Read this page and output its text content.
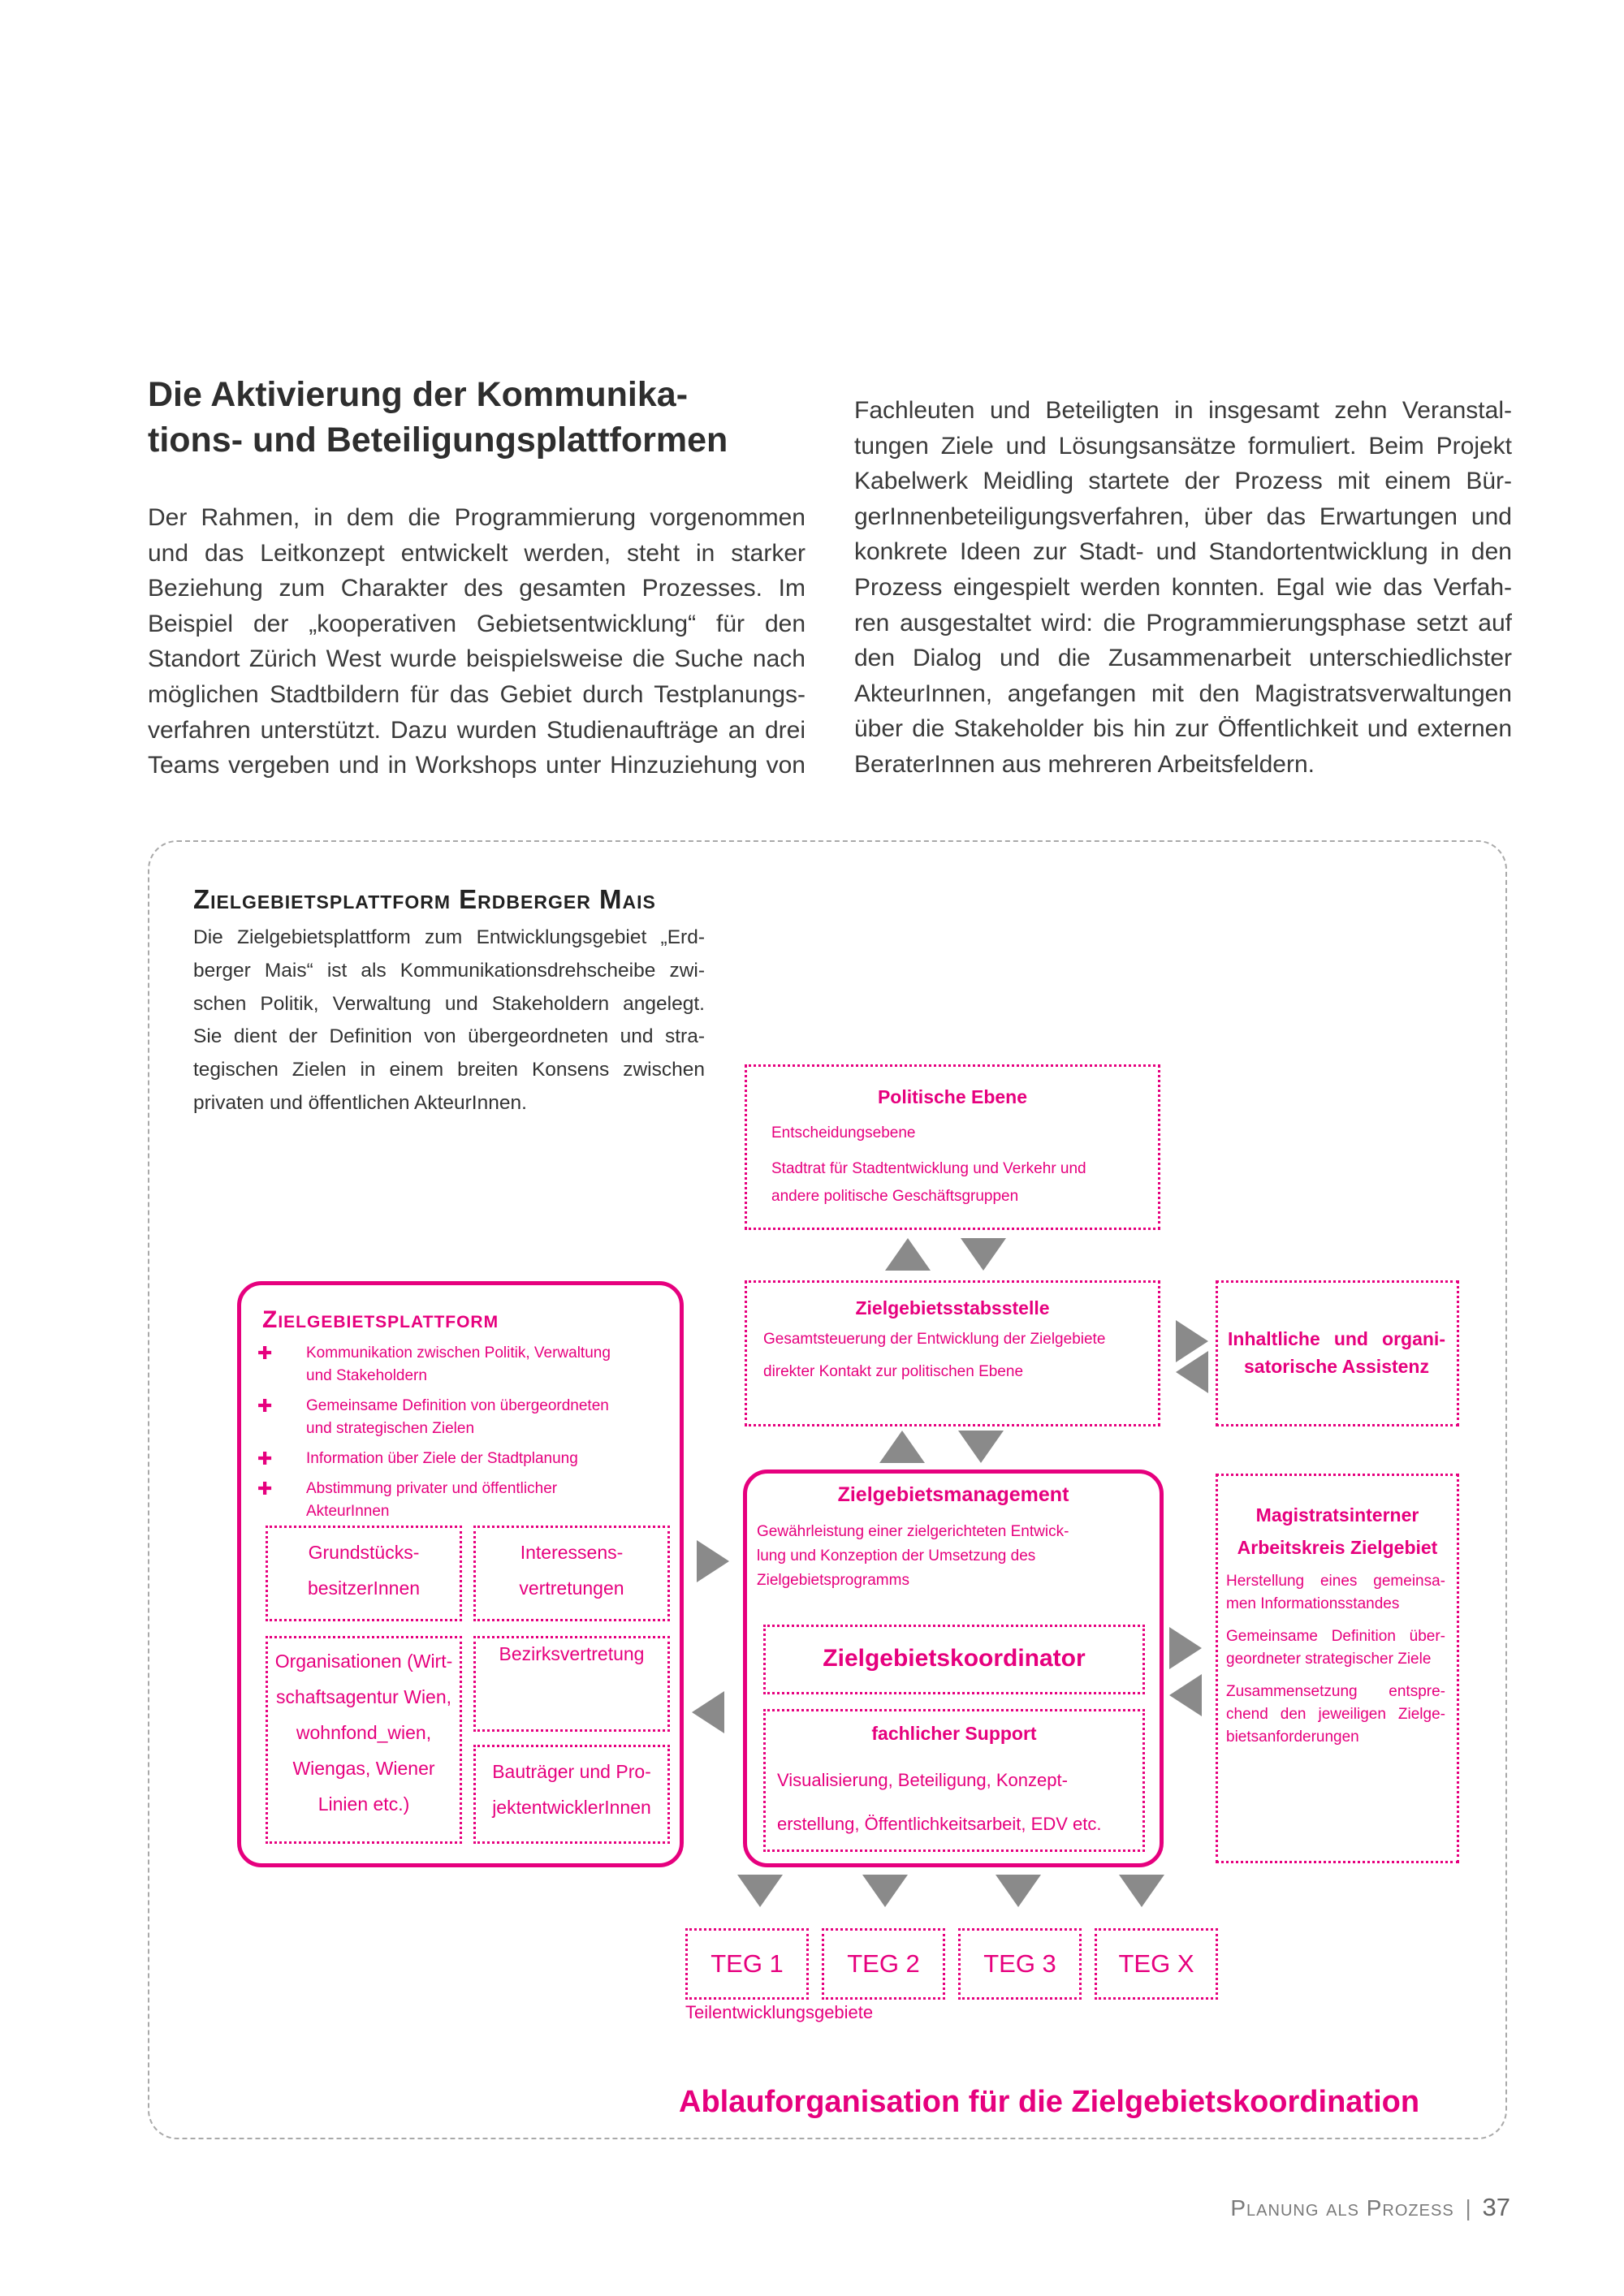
Die Aktivierung der Kommunika-
tions- und Beteiligungsplattformen
Der Rahmen, in dem die Programmierung vorgenommen
und das Leitkonzept entwickelt werden, steht in starker
Beziehung zum Charakter des gesamten Prozesses. Im
Beispiel der „kooperativen Gebietsentwicklung“ für den
Standort Zürich West wurde beispielsweise die Suche nach
möglichen Stadtbildern für das Gebiet durch Testplanungs-
verfahren unterstützt. Dazu wurden Studienaufträge an drei
Teams vergeben und in Workshops unter Hinzuziehung von
Fachleuten und Beteiligten in insgesamt zehn Veranstal-
tungen Ziele und Lösungsansätze formuliert. Beim Projekt
Kabelwerk Meidling startete der Prozess mit einem Bür-
gerInnenbeteiligungsverfahren, über das Erwartungen und
konkrete Ideen zur Stadt- und Standortentwicklung in den
Prozess eingespielt werden konnten. Egal wie das Verfah-
ren ausgestaltet wird: die Programmierungsphase setzt auf
den Dialog und die Zusammenarbeit unterschiedlichster
AkteurInnen, angefangen mit den Magistratsverwaltungen
über die Stakeholder bis hin zur Öffentlichkeit und externen
BeraterInnen aus mehreren Arbeitsfeldern.
Zielgebietsplattform Erdberger Mais
Die Zielgebietsplattform zum Entwicklungsgebiet „Erd-
berger Mais“ ist als Kommunikationsdrehscheibe zwi-
schen Politik, Verwaltung und Stakeholdern angelegt.
Sie dient der Definition von übergeordneten und stra-
tegischen Zielen in einem breiten Konsens zwischen
privaten und öffentlichen AkteurInnen.	Politische Ebene
Entscheidungsebene
Stadtrat für Stadtentwicklung und Verkehr und
andere politische Geschäftsgruppen
Zielgebietsstabsstelle
Gesamtsteuerung der Entwicklung der Zielgebiete
direkter Kontakt zur politischen Ebene
Inhaltliche und organi-
satorische Assistenz
Zielgebietsplattform
✚	Kommunikation zwischen Politik, Verwaltung
und Stakeholdern
✚	Gemeinsame Definition von übergeordneten
und strategischen Zielen
✚	Information über Ziele der Stadtplanung
✚	Abstimmung privater und öffentlicher
AkteurInnen
Grundstücks-
besitzerInnen
Interessens-
vertretungen
Organisationen (Wirt-
schaftsagentur Wien,
wohnfond_wien,
Wiengas, Wiener
Linien etc.)
Bezirksvertretung
Bauträger und Pro-
jektentwicklerInnen
Zielgebietsmanagement
Gewährleistung einer zielgerichteten Entwick-
lung und Konzeption der Umsetzung des
Zielgebietsprogramms
Zielgebietskoordinator
fachlicher Support
Visualisierung, Beteiligung, Konzept-
erstellung, Öffentlichkeitsarbeit, EDV etc.
Magistratsinterner
Arbeitskreis Zielgebiet
Herstellung eines gemeinsa-
men Informationsstandes
Gemeinsame Definition über-
geordneter strategischer Ziele
Zusammensetzung entspre-
chend den jeweiligen Zielge-
bietsanforderungen
TEG 1	TEG 2	TEG 3	TEG X
Teilentwicklungsgebiete
Ablauforganisation für die Zielgebietskoordination
Planung als Prozess | 37
